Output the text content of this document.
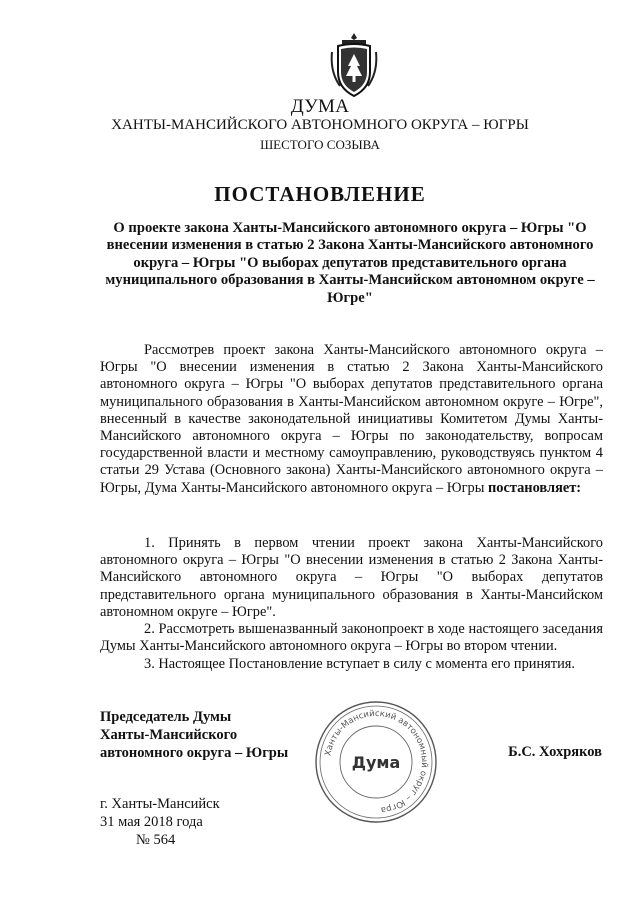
ДУМА
ХАНТЫ-МАНСИЙСКОГО АВТОНОМНОГО ОКРУГА – ЮГРЫ
ШЕСТОГО СОЗЫВА
ПОСТАНОВЛЕНИЕ
О проекте закона Ханты-Мансийского автономного округа – Югры "О внесении изменения в статью 2 Закона Ханты-Мансийского автономного округа – Югры "О выборах депутатов представительного органа муниципального образования в Ханты-Мансийском автономном округе – Югре"
Рассмотрев проект закона Ханты-Мансийского автономного округа – Югры "О внесении изменения в статью 2 Закона Ханты-Мансийского автономного округа – Югры "О выборах депутатов представительного органа муниципального образования в Ханты-Мансийском автономном округе – Югре", внесенный в качестве законодательной инициативы Комитетом Думы Ханты-Мансийского автономного округа – Югры по законодательству, вопросам государственной власти и местному самоуправлению, руководствуясь пунктом 4 статьи 29 Устава (Основного закона) Ханты-Мансийского автономного округа – Югры, Дума Ханты-Мансийского автономного округа – Югры постановляет:
1. Принять в первом чтении проект закона Ханты-Мансийского автономного округа – Югры "О внесении изменения в статью 2 Закона Ханты-Мансийского автономного округа – Югры "О выборах депутатов представительного органа муниципального образования в Ханты-Мансийском автономном округе – Югре".
2. Рассмотреть вышеназванный законопроект в ходе настоящего заседания Думы Ханты-Мансийского автономного округа – Югры во втором чтении.
3. Настоящее Постановление вступает в силу с момента его принятия.
Председатель Думы
Ханты-Мансийского
автономного округа – Югры	Ханты-Мансийский автономный округ – Югра
Дума
Б.С. Хохряков
г. Ханты-Мансийск
31 мая 2018 года
№ 564
